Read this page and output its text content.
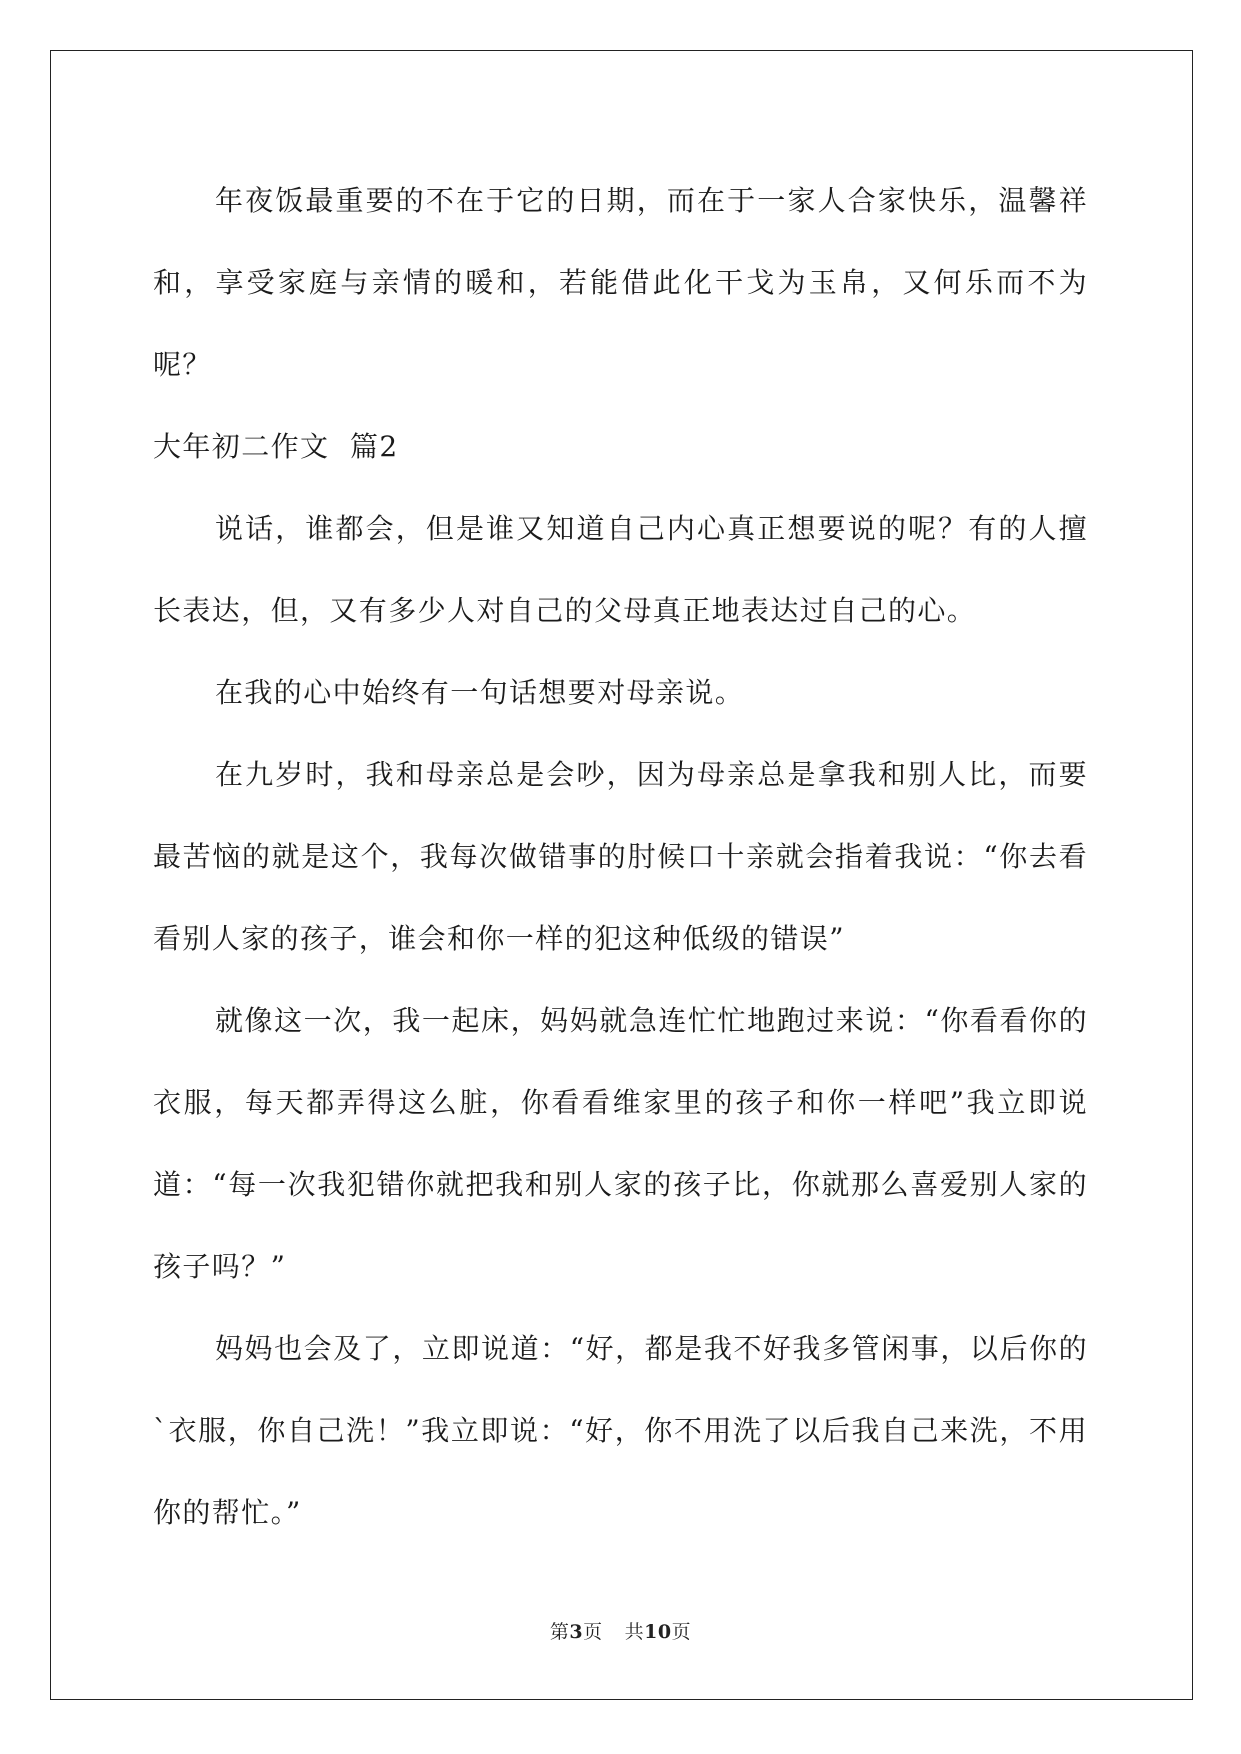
年夜饭最重要的不在于它的日期，而在于一家人合家快乐，温馨祥和，享受家庭与亲情的暖和，若能借此化干戈为玉帛，又何乐而不为呢？

大年初二作文  篇2

说话，谁都会，但是谁又知道自己内心真正想要说的呢？有的人擅长表达，但，又有多少人对自己的父母真正地表达过自己的心。

在我的心中始终有一句话想要对母亲说。

在九岁时，我和母亲总是会吵，因为母亲总是拿我和别人比，而要最苦恼的就是这个，我每次做错事的肘候口十亲就会指着我说：“你去看看别人家的孩子，谁会和你一样的犯这种低级的错误”

就像这一次，我一起床，妈妈就急连忙忙地跑过来说：“你看看你的衣服，每天都弄得这么脏，你看看维家里的孩子和你一样吧”我立即说道：“每一次我犯错你就把我和别人家的孩子比，你就那么喜爱别人家的孩子吗？”

妈妈也会及了，立即说道：“好，都是我不好我多管闲事，以后你的`衣服，你自己洗！”我立即说：“好，你不用洗了以后我自己来洗，不用你的帮忙。”

第3页 共10页
